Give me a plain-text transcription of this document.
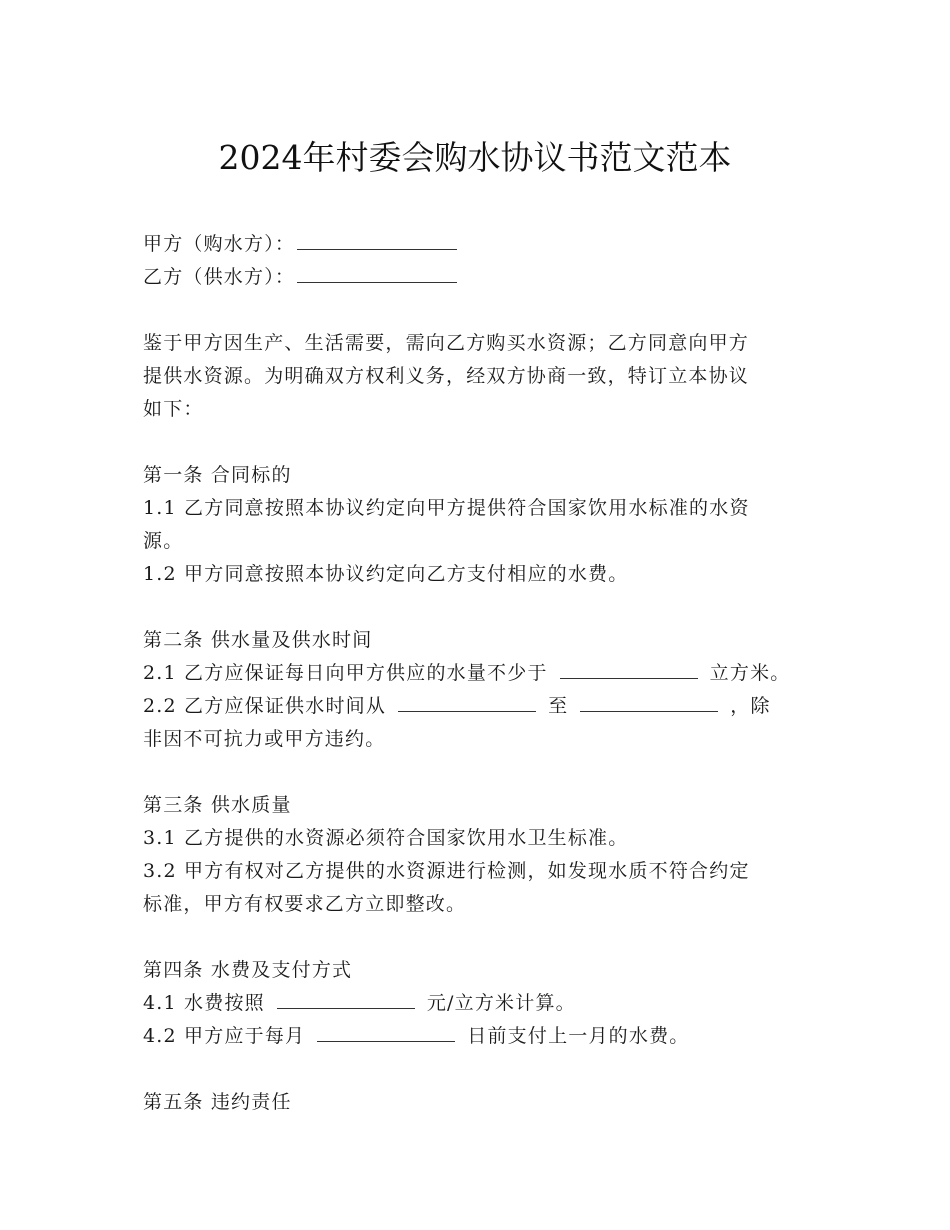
2024年村委会购水协议书范文范本
甲方（购水方）：
乙方（供水方）：
鉴于甲方因生产、生活需要，需向乙方购买水资源；乙方同意向甲方
提供水资源。为明确双方权利义务，经双方协商一致，特订立本协议
如下：
第一条 合同标的
1.1 乙方同意按照本协议约定向甲方提供符合国家饮用水标准的水资
源。
1.2 甲方同意按照本协议约定向乙方支付相应的水费。
第二条 供水量及供水时间
2.1 乙方应保证每日向甲方供应的水量不少于	立方米。
2.2 乙方应保证供水时间从	至	，除
非因不可抗力或甲方违约。
第三条 供水质量
3.1 乙方提供的水资源必须符合国家饮用水卫生标准。
3.2 甲方有权对乙方提供的水资源进行检测，如发现水质不符合约定
标准，甲方有权要求乙方立即整改。
第四条 水费及支付方式
4.1 水费按照	元/立方米计算。
4.2 甲方应于每月	日前支付上一月的水费。
第五条 违约责任
